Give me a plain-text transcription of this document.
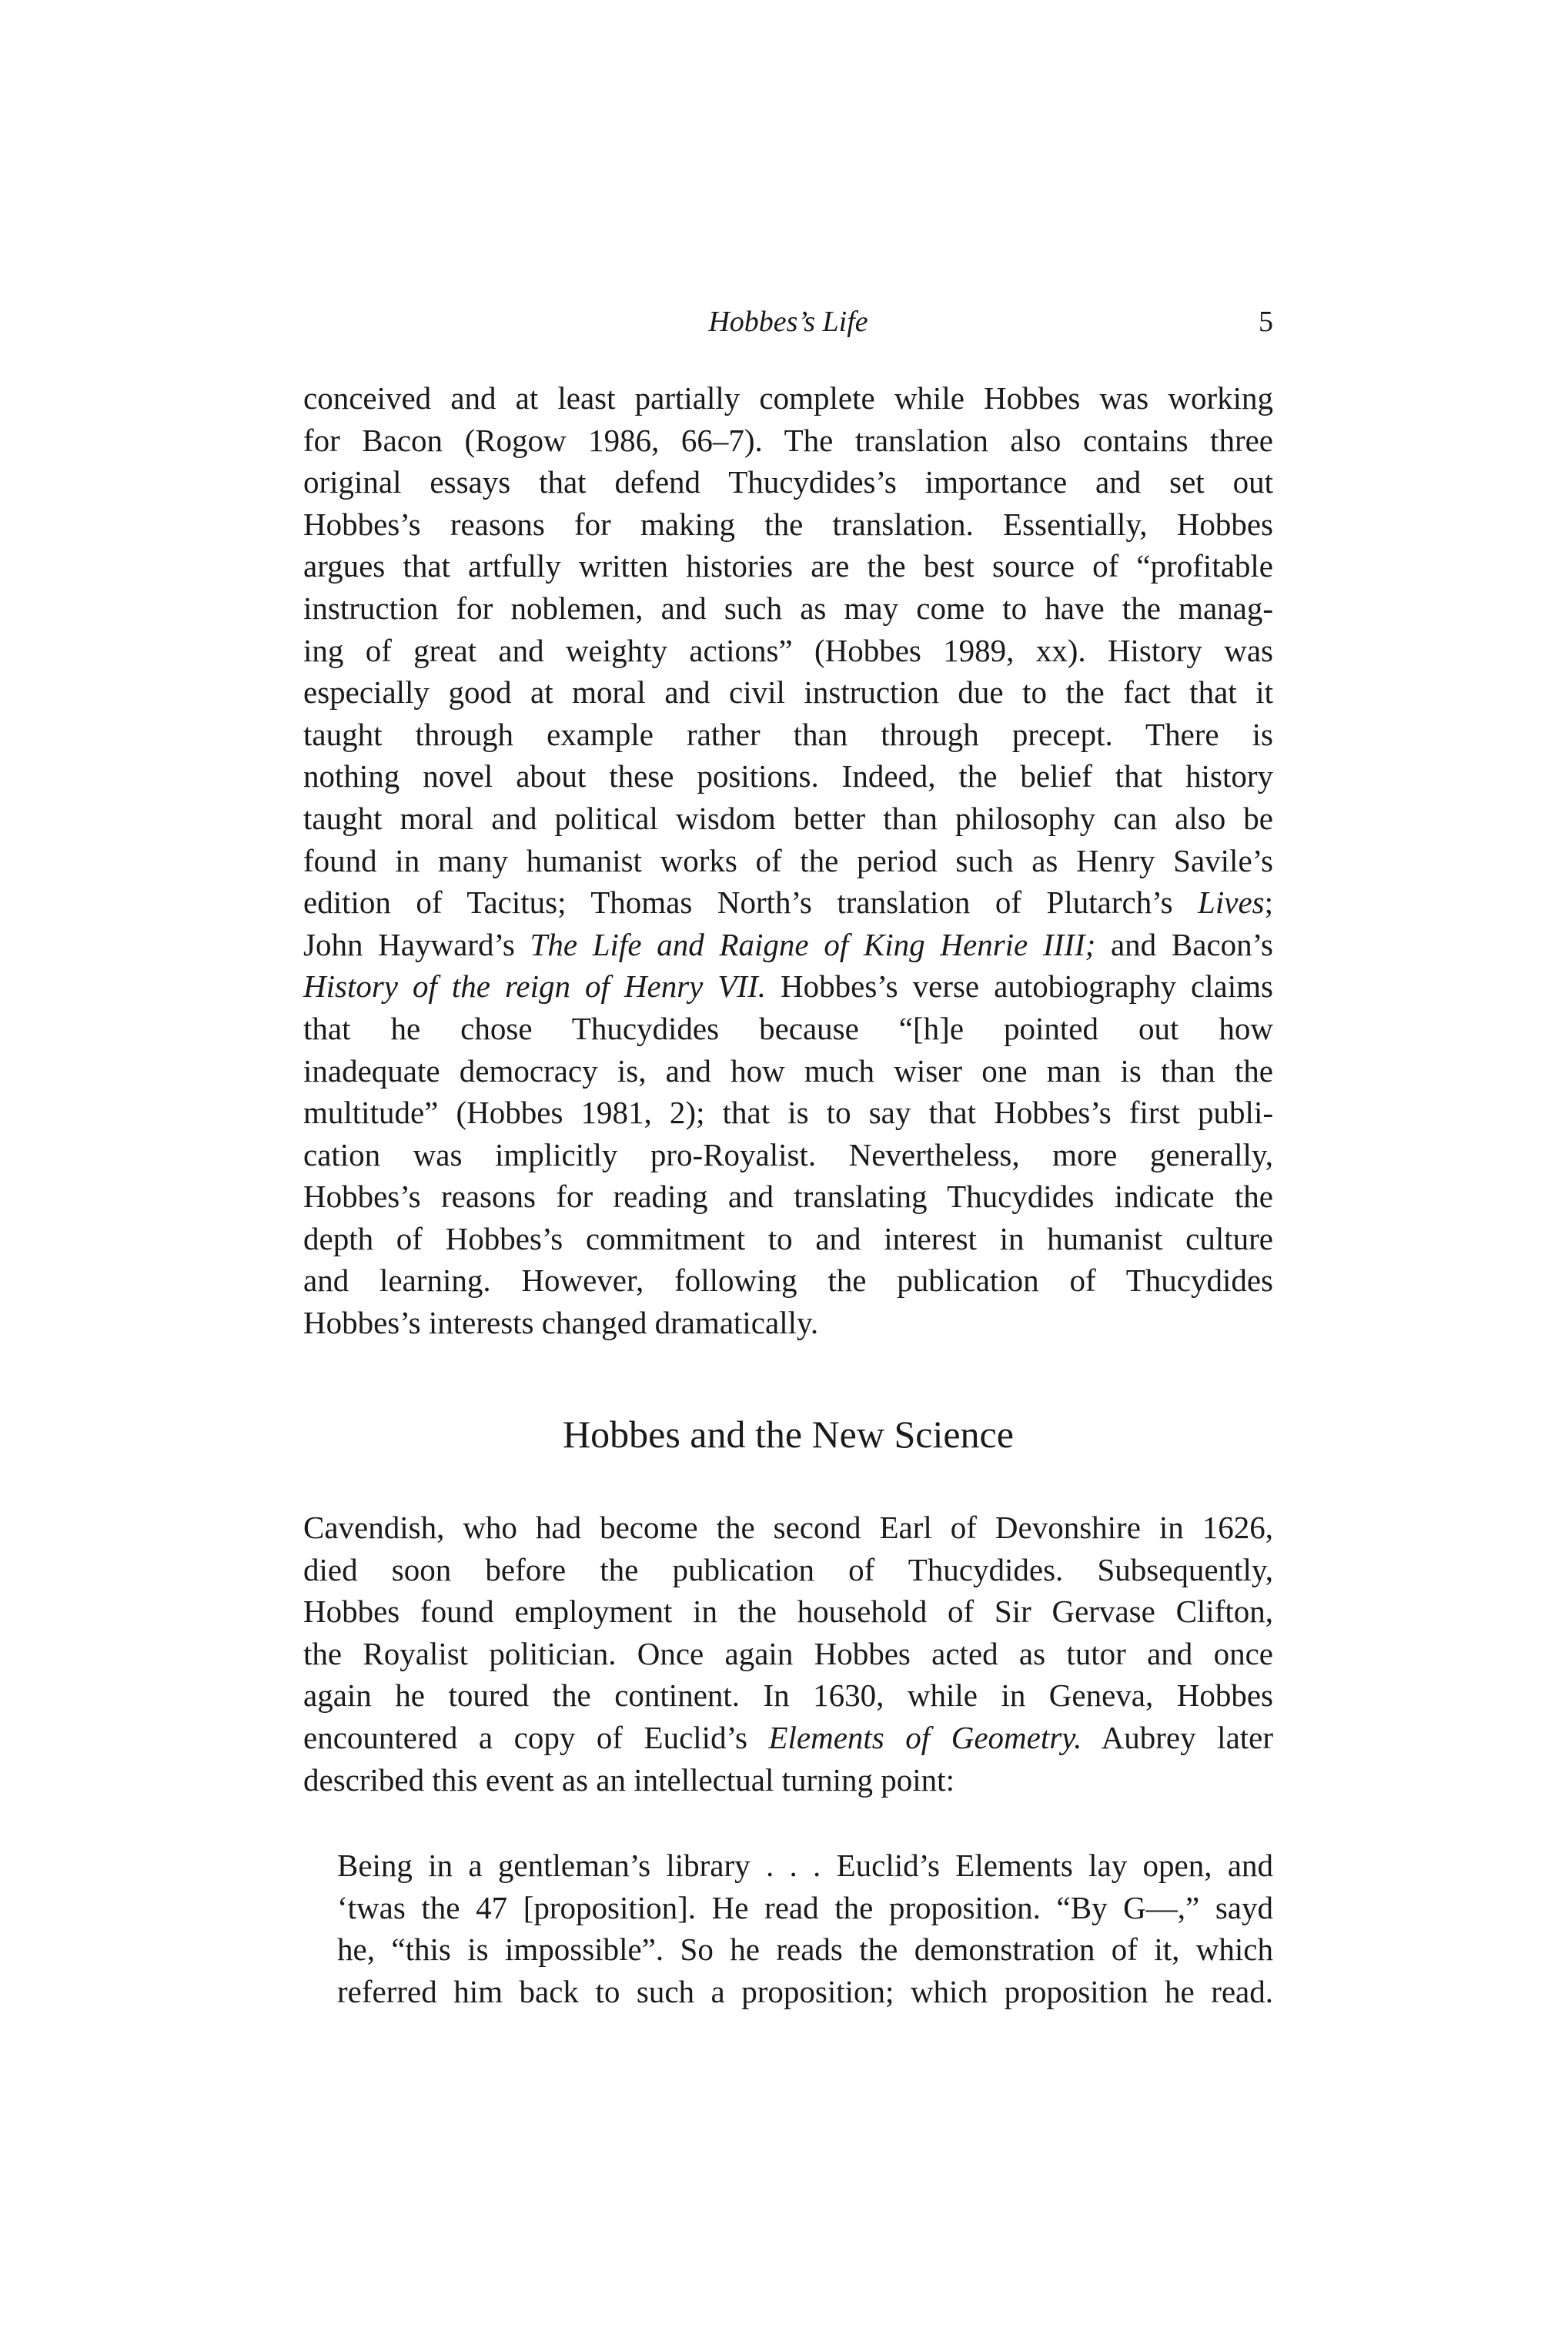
Hobbes’s Life	5

conceived and at least partially complete while Hobbes was working
for Bacon (Rogow 1986, 66–7). The translation also contains three
original essays that defend Thucydides’s importance and set out
Hobbes’s reasons for making the translation. Essentially, Hobbes
argues that artfully written histories are the best source of “profitable
instruction for noblemen, and such as may come to have the manag-
ing of great and weighty actions” (Hobbes 1989, xx). History was
especially good at moral and civil instruction due to the fact that it
taught through example rather than through precept. There is
nothing novel about these positions. Indeed, the belief that history
taught moral and political wisdom better than philosophy can also be
found in many humanist works of the period such as Henry Savile’s
edition of Tacitus; Thomas North’s translation of Plutarch’s Lives;
John Hayward’s The Life and Raigne of King Henrie IIII; and Bacon’s
History of the reign of Henry VII. Hobbes’s verse autobiography claims
that he chose Thucydides because “[h]e pointed out how
inadequate democracy is, and how much wiser one man is than the
multitude” (Hobbes 1981, 2); that is to say that Hobbes’s first publi-
cation was implicitly pro-Royalist. Nevertheless, more generally,
Hobbes’s reasons for reading and translating Thucydides indicate the
depth of Hobbes’s commitment to and interest in humanist culture
and learning. However, following the publication of Thucydides
Hobbes’s interests changed dramatically.

Hobbes and the New Science

Cavendish, who had become the second Earl of Devonshire in 1626,
died soon before the publication of Thucydides. Subsequently,
Hobbes found employment in the household of Sir Gervase Clifton,
the Royalist politician. Once again Hobbes acted as tutor and once
again he toured the continent. In 1630, while in Geneva, Hobbes
encountered a copy of Euclid’s Elements of Geometry. Aubrey later
described this event as an intellectual turning point:

Being in a gentleman’s library . . . Euclid’s Elements lay open, and
‘twas the 47 [proposition]. He read the proposition. “By G—,” sayd
he, “this is impossible”. So he reads the demonstration of it, which
referred him back to such a proposition; which proposition he read.
